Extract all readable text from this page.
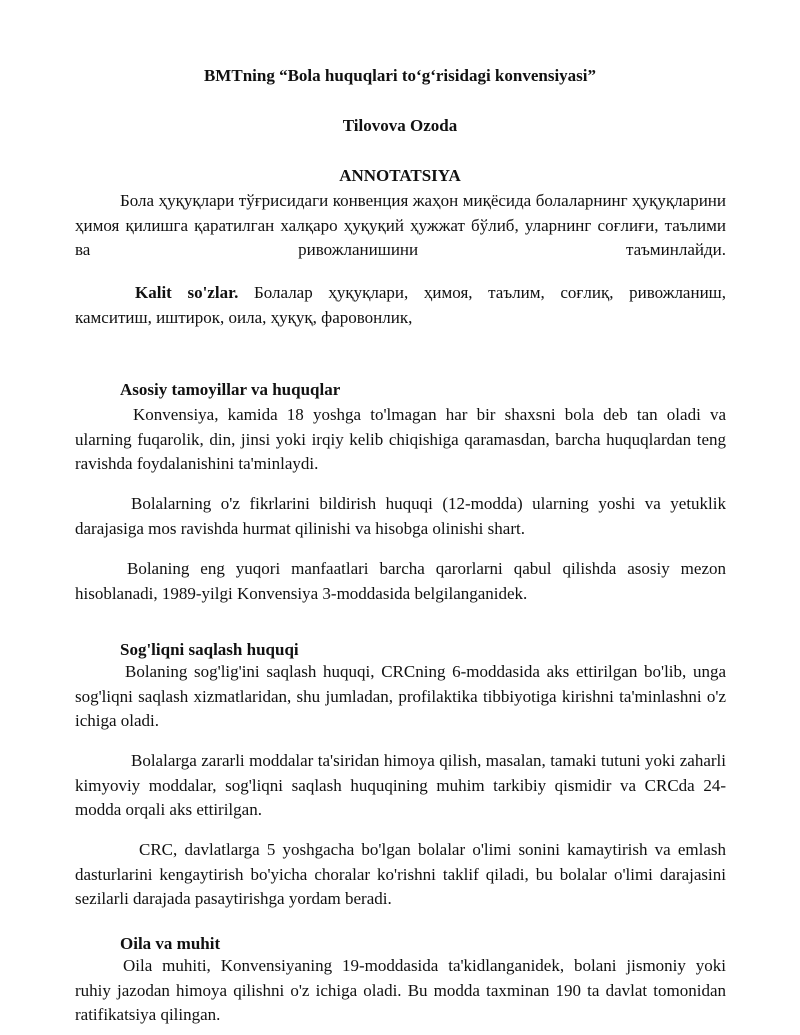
BMTning “Bola huquqlari to‘g‘risidagi konvensiyasi”

Tilovova Ozoda

ANNOTATSIYA

Бола ҳуқуқлари тўғрисидаги конвенция жаҳон миқёсида болаларнинг ҳуқуқларини ҳимоя қилишга қаратилган халқаро ҳуқуқий ҳужжат бўлиб, уларнинг соғлиғи, таълими ва ривожланишини таъминлайди.

Kalit so'zlar. Болалар ҳуқуқлари, ҳимоя, таълим, соғлиқ, ривожланиш, камситиш, иштирок, оила, ҳуқуқ, фаровонлик,

Asosiy tamoyillar va huquqlar

Konvensiya, kamida 18 yoshga to'lmagan har bir shaxsni bola deb tan oladi va ularning fuqarolik, din, jinsi yoki irqiy kelib chiqishiga qaramasdan, barcha huquqlardan teng ravishda foydalanishini ta'minlaydi.

Bolalarning o'z fikrlarini bildirish huquqi (12-modda) ularning yoshi va yetuklik darajasiga mos ravishda hurmat qilinishi va hisobga olinishi shart.

Bolaning eng yuqori manfaatlari barcha qarorlarni qabul qilishda asosiy mezon hisoblanadi, 1989-yilgi Konvensiya 3-moddasida belgilanganidek.

Sog'liqni saqlash huquqi

Bolaning sog'lig'ini saqlash huquqi, CRCning 6-moddasida aks ettirilgan bo'lib, unga sog'liqni saqlash xizmatlaridan, shu jumladan, profilaktika tibbiyotiga kirishni ta'minlashni o'z ichiga oladi.

Bolalarga zararli moddalar ta'siridan himoya qilish, masalan, tamaki tutuni yoki zaharli kimyoviy moddalar, sog'liqni saqlash huquqining muhim tarkibiy qismidir va CRCda 24-modda orqali aks ettirilgan.

CRC, davlatlarga 5 yoshgacha bo'lgan bolalar o'limi sonini kamaytirish va emlash dasturlarini kengaytirish bo'yicha choralar ko'rishni taklif qiladi, bu bolalar o'limi darajasini sezilarli darajada pasaytirishga yordam beradi.

Oila va muhit

Oila muhiti, Konvensiyaning 19-moddasida ta'kidlanganidek, bolani jismoniy yoki ruhiy jazodan himoya qilishni o'z ichiga oladi. Bu modda taxminan 190 ta davlat tomonidan ratifikatsiya qilingan.
